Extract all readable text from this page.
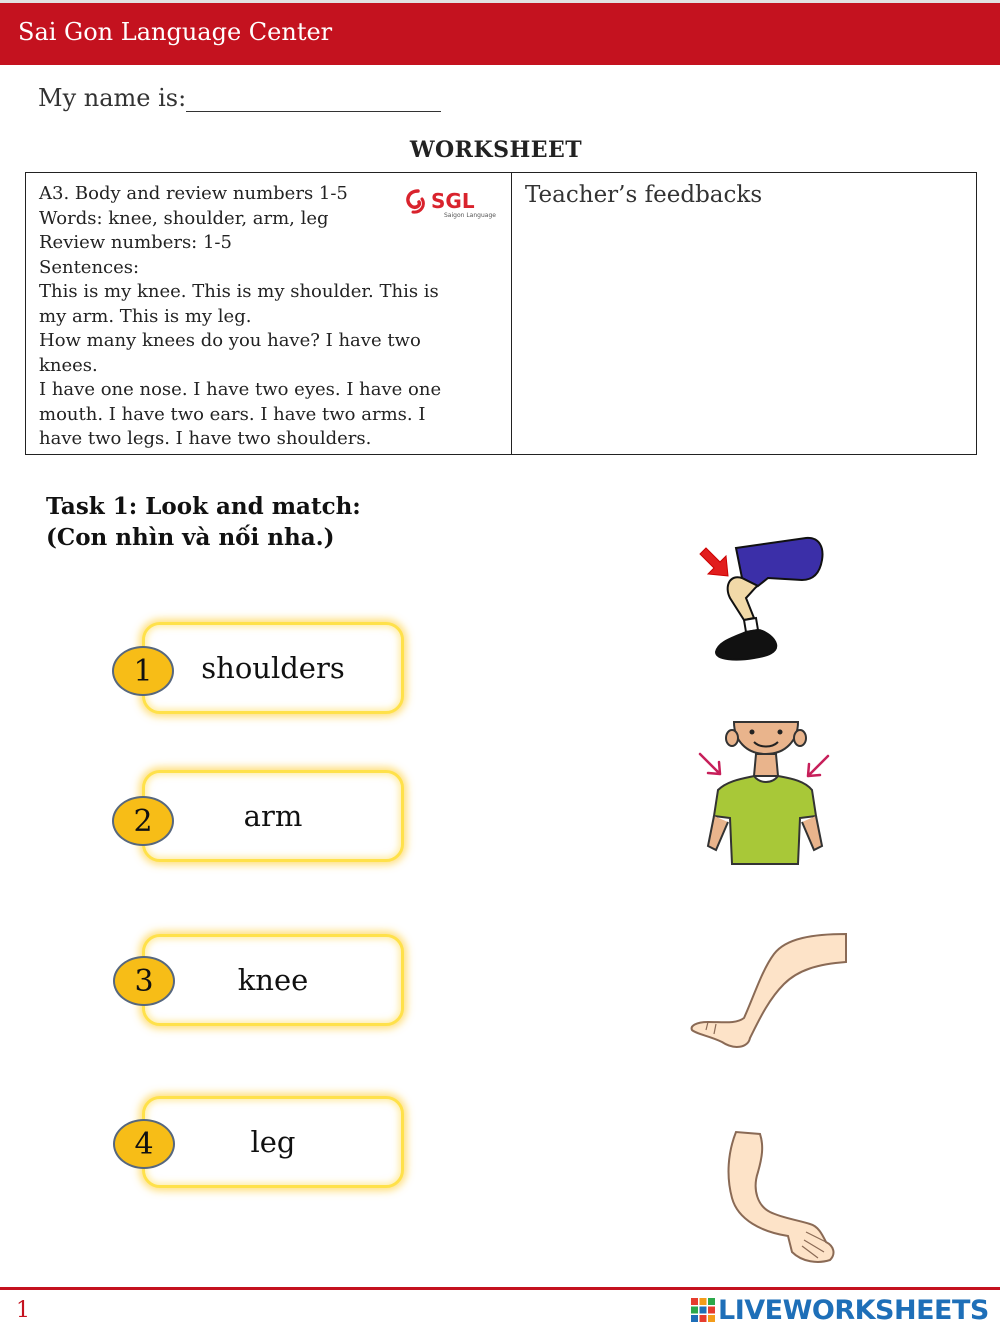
Sai Gon Language Center
My name is:
WORKSHEET
A3. Body and review numbers 1-5
Words: knee, shoulder, arm, leg
Review numbers: 1-5
Sentences:
This is my knee. This is my shoulder. This is
my arm. This is my leg.
How many knees do you have? I have two
knees.
I have one nose. I have two eyes. I have one
mouth. I have two ears. I have two arms. I
have two legs. I have two shoulders.
SGL
Saigon Language
Teacher’s feedbacks
Task 1: Look and match:
(Con nhìn và nối nha.)
shoulders
1
arm
2
knee
3
leg
4
1	LIVEWORKSHEETS
